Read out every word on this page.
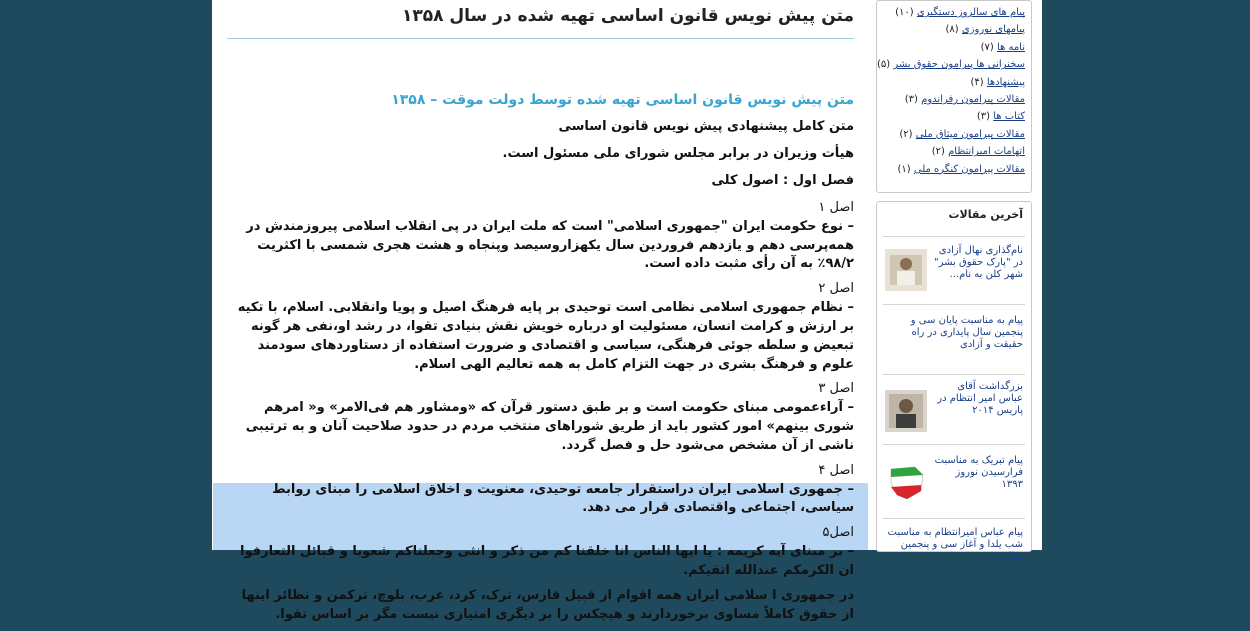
متن پیش نویس قانون اساسی تهیه شده در سال ۱۳۵۸

متن پیش نویس قانون اساسی تهیه شده توسط دولت موقت – ۱۳۵۸

متن کامل پیشنهادی پیش نویس قانون اساسی

هیأت وزیران در برابر مجلس شورای ملی مسئول است.

فصل اول : اصول کلی

اصل ۱

– نوع حکومت ایران "جمهوری اسلامی" است که ملت ایران در پی انقلاب اسلامی پیروزمندش در همه‌پرسی دهم و یازدهم فروردین سال یکهزاروسیصد وپنجاه و هشت هجری شمسی با اکثریت ۹۸/۲٪ به آن رأی مثبت داده است.

اصل ۲

– نظام جمهوری اسلامی نظامی است توحیدی بر پایه فرهنگ اصیل و پویا وانقلابی. اسلام، با تکیه بر ارزش و کرامت انسان، مسئولیت او درباره خویش نقش بنیادی تقوا، در رشد او،نفی هر گونه تبعیض و سلطه جوئی فرهنگی، سیاسی و اقتصادی و ضرورت استفاده از دستاوردهای سودمند علوم و فرهنگ بشری در جهت التزام کامل به همه تعالیم الهی اسلام.

اصل ۳

– آراءعمومی مبنای حکومت است و بر طبق دستور قرآن که «ومشاور هم فی‌الامر» و« امرهم شوری بینهم» امور کشور باید از طریق شوراهای منتخب مردم در حدود صلاحیت آنان و به ترتیبی ناشی از آن مشخص می‌شود حل و فصل گردد.

اصل ۴

– جمهوری اسلامی ایران دراستقرار جامعه توحیدی، معنویت و اخلاق اسلامی را مبنای روابط سیاسی، اجتماعی واقتصادی قرار می دهد.

اصل۵

– بر مبنای آیه کریمه : یا ایها الناس انا خلقنا کم من ذکر و انثی وجعلناکم شعوبا و قبائل التعارفوا ان الکرمکم عندالله اتقیکم.

در جمهوری ا سلامی ایران همه اقوام از قبیل فارس، ترک، کرد، عرب، بلوچ، ترکمن و نظائر اینها از حقوق کاملاً مساوی برخوردارند و هیچکس را بر دیگری امتیازی نیست مگر بر اساس تقوا.

پیام های سالروز دستگیری (۱۰)
پیامهای نوروزی (۸)
نامه ها (۷)
سخنرانی ها پیرامون حقوق بشر (۵)
پیشنهادها (۴)
مقالات پیرامون رفراندوم (۳)
کتاب ها (۳)
مقالات پیرامون میثاق ملی (۲)
اتهامات امیرانتظام (۲)
مقالات پیرامون کنگره ملی (۱)
آخرین مقالات
نام‌گذاری نهال آزادی در "پارک حقوق بشر" شهر کلن به نام...
پیام به مناسبت پایان سی و پنجمین سال پایداری در راه حقیقت و آزادی
بزرگداشت آقای عباس امیر انتظام در پاریس ۲۰۱۴
پیام تبریک به مناسبت فرارسیدن نوروز ۱۳۹۳
پیام عباس امیرانتظام به مناسبت شب یلدا و آغاز سی و پنجمین سال...
